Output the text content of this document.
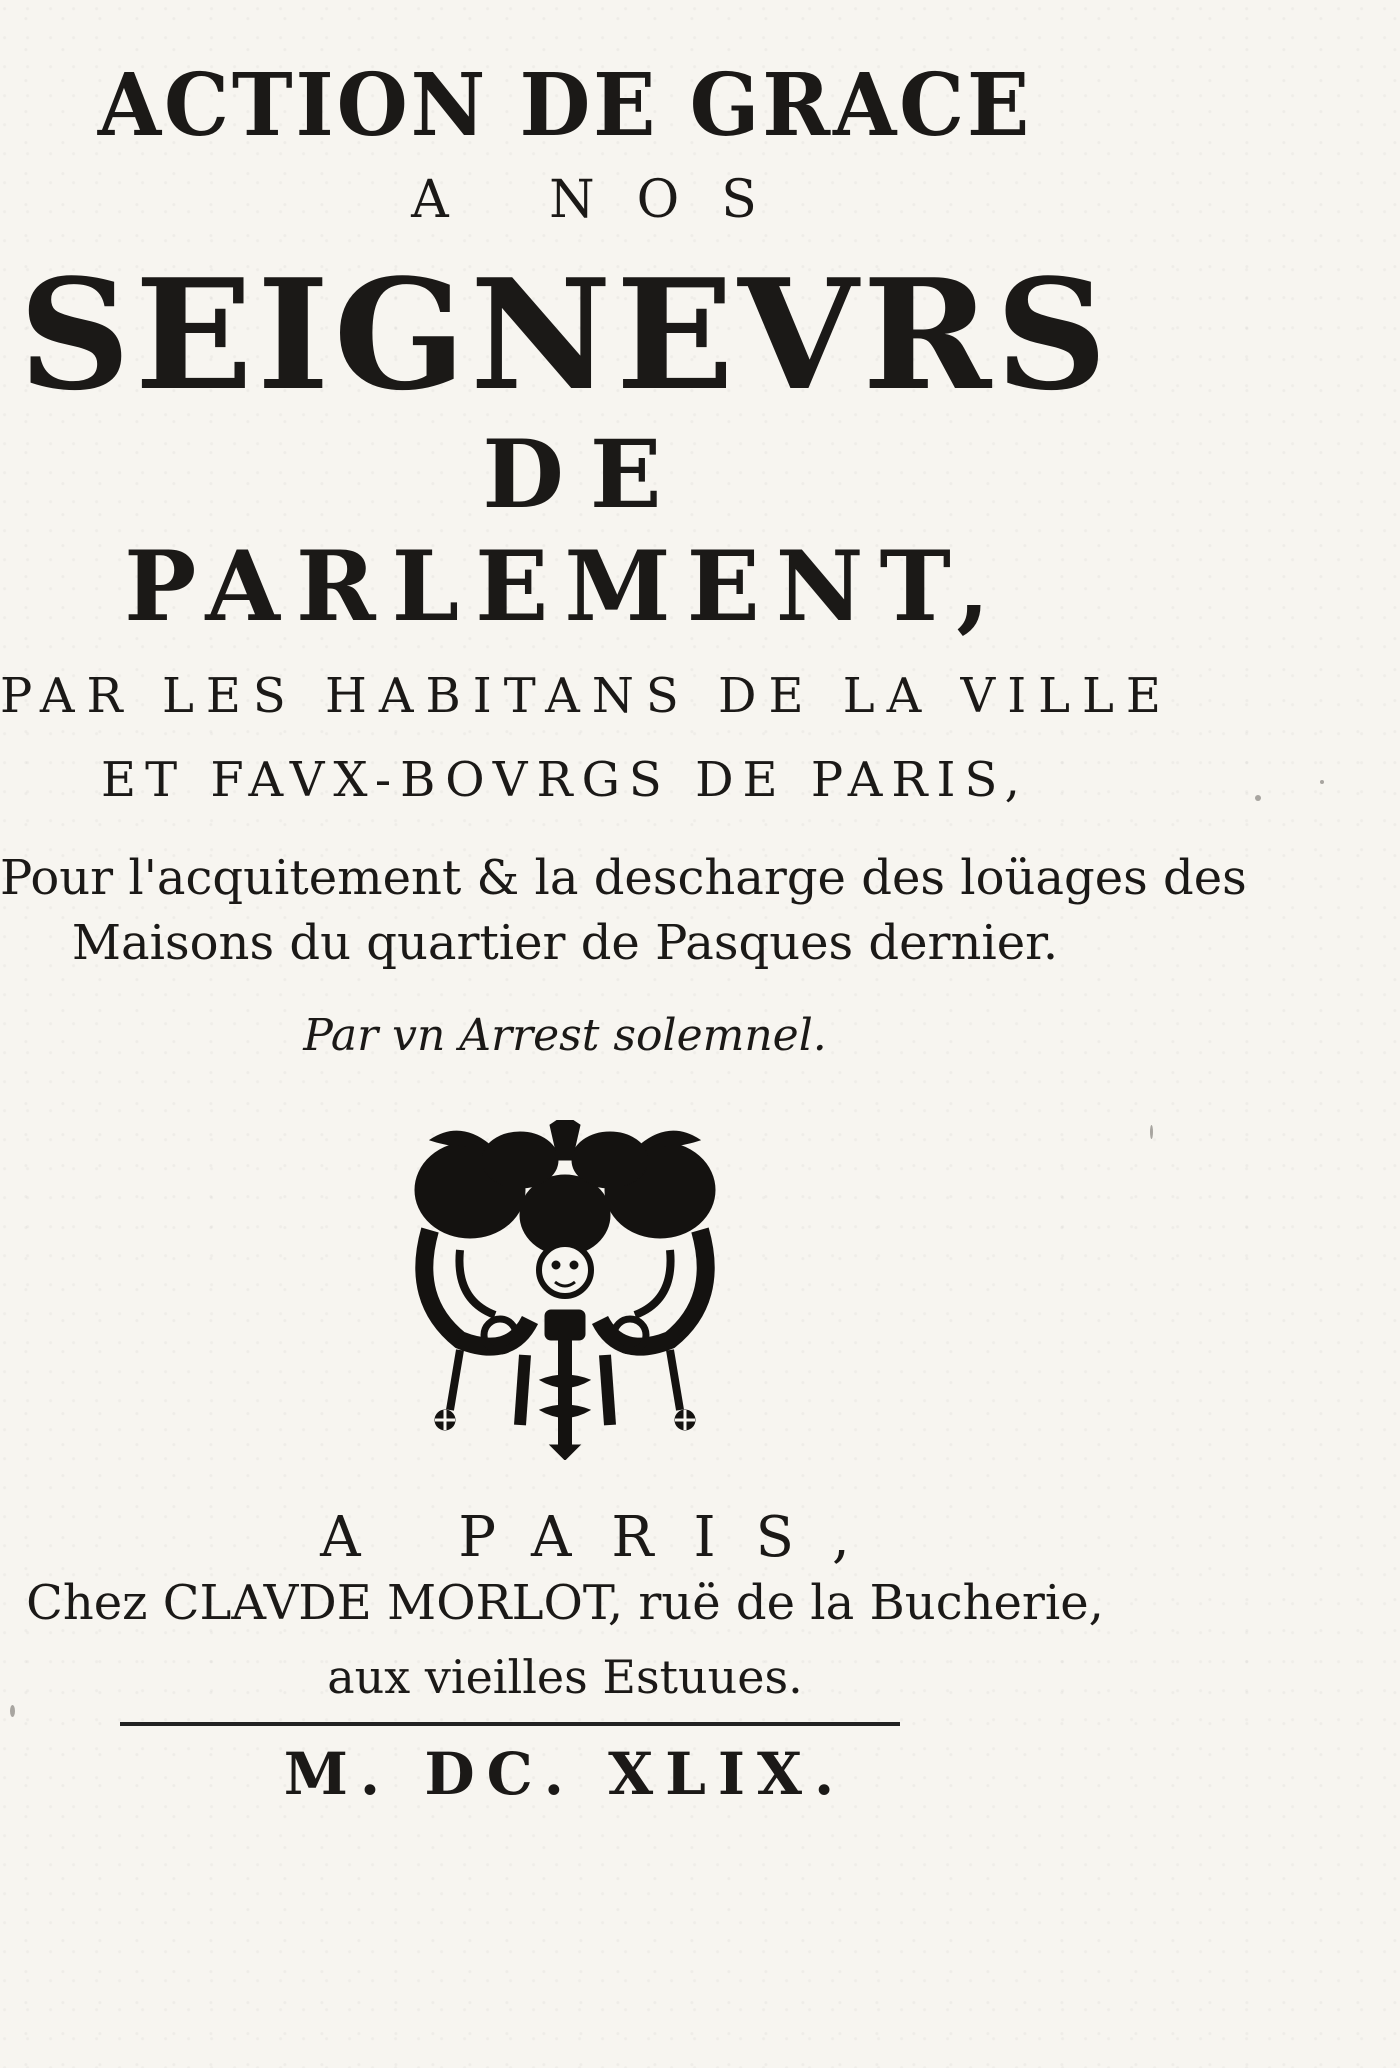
ACTION DE GRACE
A NOS
SEIGNEVRS
DE
PARLEMENT,
PAR LES HABITANS DE LA VILLE
ET FAVX-BOVRGS DE PARIS,
Pour l'acquitement & la descharge des loüages des
Maisons du quartier de Pasques dernier.
Par vn Arrest solemnel.
A PARIS,
Chez CLAVDE MORLOT, ruë de la Bucherie,
aux vieilles Estuues.
M. DC. XLIX.
